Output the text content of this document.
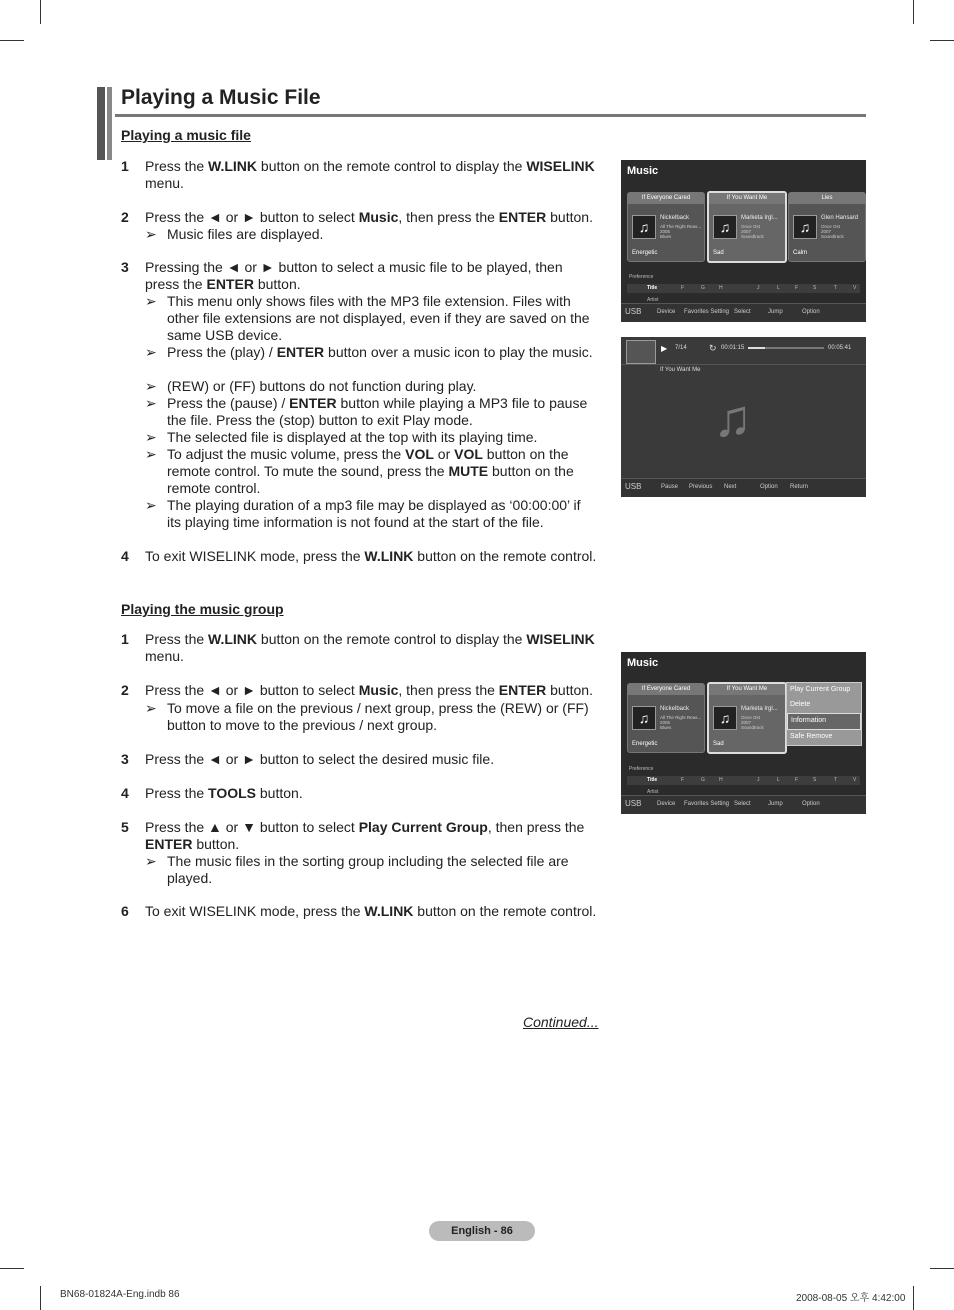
Playing a Music File
Playing a music file
1 Press the W.LINK button on the remote control to display the WISELINK menu.
2 Press the ◄ or ► button to select Music, then press the ENTER button.
➢ Music files are displayed.
3 Pressing the ◄ or ► button to select a music file to be played, then press the ENTER button.
➢ This menu only shows files with the MP3 file extension. Files with other file extensions are not displayed, even if they are saved on the same USB device.
➢ Press the (play) / ENTER button over a music icon to play the music.
➢ (REW) or (FF) buttons do not function during play.
➢ Press the (pause) / ENTER button while playing a MP3 file to pause the file. Press the (stop) button to exit Play mode.
➢ The selected file is displayed at the top with its playing time.
➢ To adjust the music volume, press the VOL or VOL button on the remote control. To mute the sound, press the MUTE button on the remote control.
➢ The playing duration of a mp3 file may be displayed as ‘00:00:00’ if its playing time information is not found at the start of the file.
4 To exit WISELINK mode, press the W.LINK button on the remote control.
Playing the music group
1 Press the W.LINK button on the remote control to display the WISELINK menu.
2 Press the ◄ or ► button to select Music, then press the ENTER button.
➢ To move a file on the previous / next group, press the (REW) or (FF) button to move to the previous / next group.
3 Press the ◄ or ► button to select the desired music file.
4 Press the TOOLS button.
5 Press the ▲ or ▼ button to select Play Current Group, then press the ENTER button.
➢ The music files in the sorting group including the selected file are played.
6 To exit WISELINK mode, press the W.LINK button on the remote control.
Continued...
Music
If Everyone Cared
♫
Nickelback
All The Right Reas...
2005
Blues
Energetic
If You Want Me
♫
Marketa Irgl...
Once Ost
2007
Soundtrack
Sad
Lies
♫
Glen Hansard
Once Ost
2007
Soundtrack
Calm
Preference
Title	F	G	H	J	L	F	S	T	V
Artist
USB	Device Favorites Setting Select	Jump	Option
▶ 7/14 ↻ 00:01:15	00:05:41
If You Want Me
♫
USB	Pause Previous Next	Option Return
Music
If Everyone Cared
♫
Nickelback
All The Right Reas...
2005
Blues
Energetic
If You Want Me
♫
Marketa Irgl...
Once Ost
2007
Soundtrack
Sad
Play Current Group
Delete
Information
Safe Remove
Preference
Title	F	G	H	J	L	F	S	T	V
Artist
USB	Device Favorites Setting Select	Jump	Option
English - 86
BN68-01824A-Eng.indb 86	2008-08-05 오후 4:42:00
